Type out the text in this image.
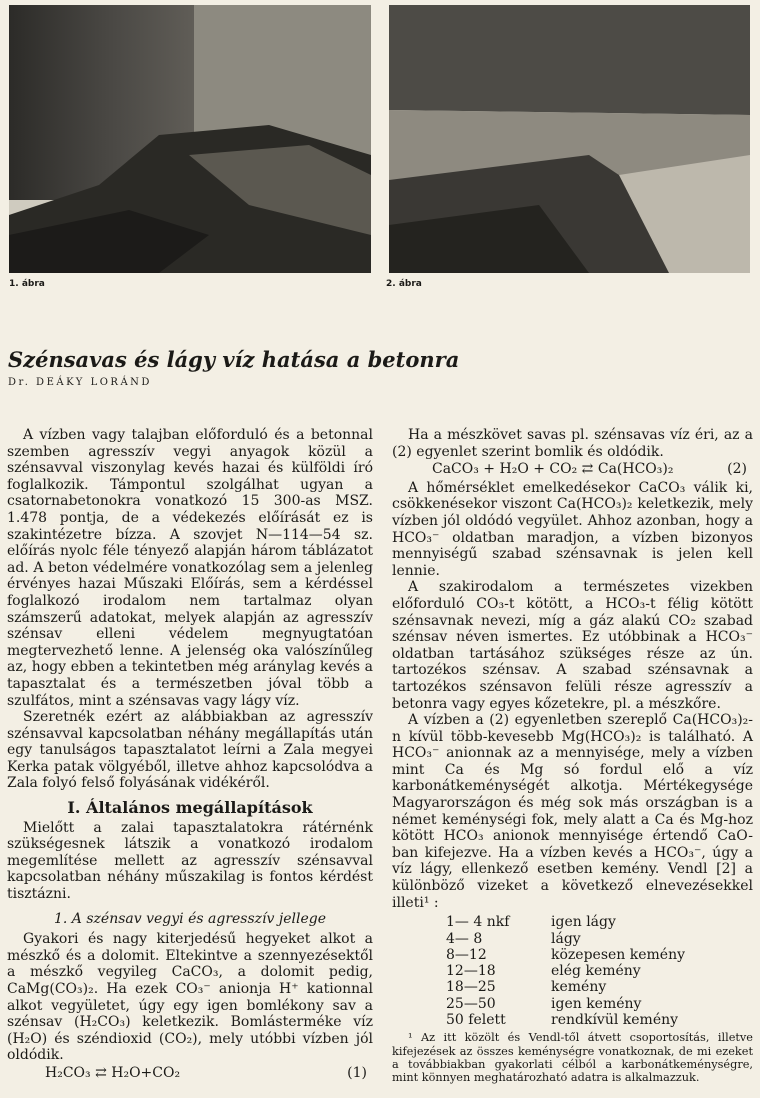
1. ábra	2. ábra
Szénsavas és lágy víz hatása a betonra
Dr. DEÁKY LORÁND

A vízben vagy talajban előforduló és a betonnal szemben agresszív vegyi anyagok közül a szénsavval viszonylag kevés hazai és külföldi író foglalkozik. Támpontul szolgálhat ugyan a csatornabetonokra vonatkozó 15 300-as MSZ. 1.478 pontja, de a védekezés előírását ez is szakintézetre bízza. A szovjet N—114—54 sz. előírás nyolc féle tényező alapján három táblázatot ad. A beton védelmére vonatkozólag sem a jelenleg érvényes hazai Műszaki Előírás, sem a kérdéssel foglalkozó irodalom nem tartalmaz olyan számszerű adatokat, melyek alapján az agresszív szénsav elleni védelem megnyugtatóan megtervezhető lenne. A jelenség oka valószínűleg az, hogy ebben a tekintetben még aránylag kevés a tapasztalat és a természetben jóval több a szulfátos, mint a szénsavas vagy lágy víz.

Szeretnék ezért az alábbiakban az agresszív szénsavval kapcsolatban néhány megállapítás után egy tanulságos tapasztalatot leírni a Zala megyei Kerka patak völgyéből, illetve ahhoz kapcsolódva a Zala folyó felső folyásának vidékéről.

I. Általános megállapítások

Mielőtt a zalai tapasztalatokra rátérnénk szükségesnek látszik a vonatkozó irodalom megemlítése mellett az agresszív szénsavval kapcsolatban néhány műszakilag is fontos kérdést tisztázni.

1. A szénsav vegyi és agresszív jellege

Gyakori és nagy kiterjedésű hegyeket alkot a mészkő és a dolomit. Eltekintve a szennyezésektől a mészkő vegyileg CaCO₃, a dolomit pedig, CaMg(CO₃)₂. Ha ezek CO₃⁻ anionja H⁺ kationnal alkot vegyületet, úgy egy igen bomlékony sav a szénsav (H₂CO₃) keletkezik. Bomlásterméke víz (H₂O) és széndioxid (CO₂), mely utóbbi vízben jól oldódik.

H₂CO₃ ⇄ H₂O+CO₂	(1)

Ha a mészkövet savas pl. szénsavas víz éri, az a (2) egyenlet szerint bomlik és oldódik.

CaCO₃ + H₂O + CO₂ ⇄ Ca(HCO₃)₂	(2)

A hőmérséklet emelkedésekor CaCO₃ válik ki, csökkenésekor viszont Ca(HCO₃)₂ keletkezik, mely vízben jól oldódó vegyület. Ahhoz azonban, hogy a HCO₃⁻ oldatban maradjon, a vízben bizonyos mennyiségű szabad szénsavnak is jelen kell lennie.

A szakirodalom a természetes vizekben előforduló CO₃-t kötött, a HCO₃-t félig kötött szénsavnak nevezi, míg a gáz alakú CO₂ szabad szénsav néven ismertes. Ez utóbbinak a HCO₃⁻ oldatban tartásához szükséges része az ún. tartozékos szénsav. A szabad szénsavnak a tartozékos szénsavon felüli része agresszív a betonra vagy egyes kőzetekre, pl. a mészkőre.

A vízben a (2) egyenletben szereplő Ca(HCO₃)₂-n kívül több-kevesebb Mg(HCO₃)₂ is található. A HCO₃⁻ anionnak az a mennyisége, mely a vízben mint Ca és Mg só fordul elő a víz karbonátkeménységét alkotja. Mértékegysége Magyarországon és még sok más országban is a német keménységi fok, mely alatt a Ca és Mg-hoz kötött HCO₃ anionok mennyisége értendő CaO-ban kifejezve. Ha a vízben kevés a HCO₃⁻, úgy a víz lágy, ellenkező esetben kemény. Vendl [2] a különböző vizeket a következő elnevezésekkel illeti¹ :

1— 4 nkf	igen lágy
4— 8	lágy
8—12	közepesen kemény
12—18	elég kemény
18—25	kemény
25—50	igen kemény
50 felett	rendkívül kemény

¹ Az itt közölt és Vendl-től átvett csoportosítás, illetve kifejezések az összes keménységre vonatkoznak, de mi ezeket a továbbiakban gyakorlati célból a karbonátkeménységre, mint könnyen meghatározható adatra is alkalmazzuk.
